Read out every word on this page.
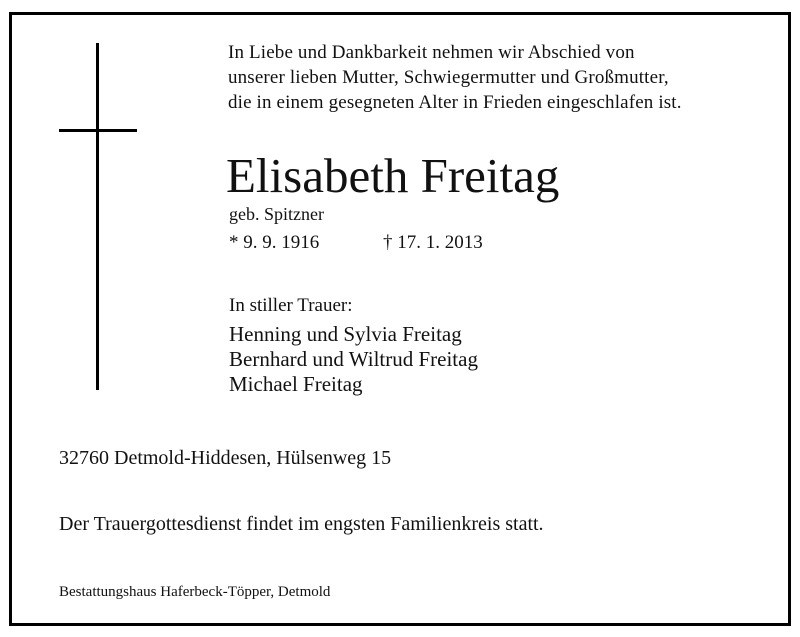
In Liebe und Dankbarkeit nehmen wir Abschied von
unserer lieben Mutter, Schwiegermutter und Großmutter,
die in einem gesegneten Alter in Frieden eingeschlafen ist.
Elisabeth Freitag
geb. Spitzner
* 9. 9. 1916	† 17. 1. 2013
In stiller Trauer:
Henning und Sylvia Freitag
Bernhard und Wiltrud Freitag
Michael Freitag
32760 Detmold-Hiddesen, Hülsenweg 15
Der Trauergottesdienst findet im engsten Familienkreis statt.
Bestattungshaus Haferbeck-Töpper, Detmold
